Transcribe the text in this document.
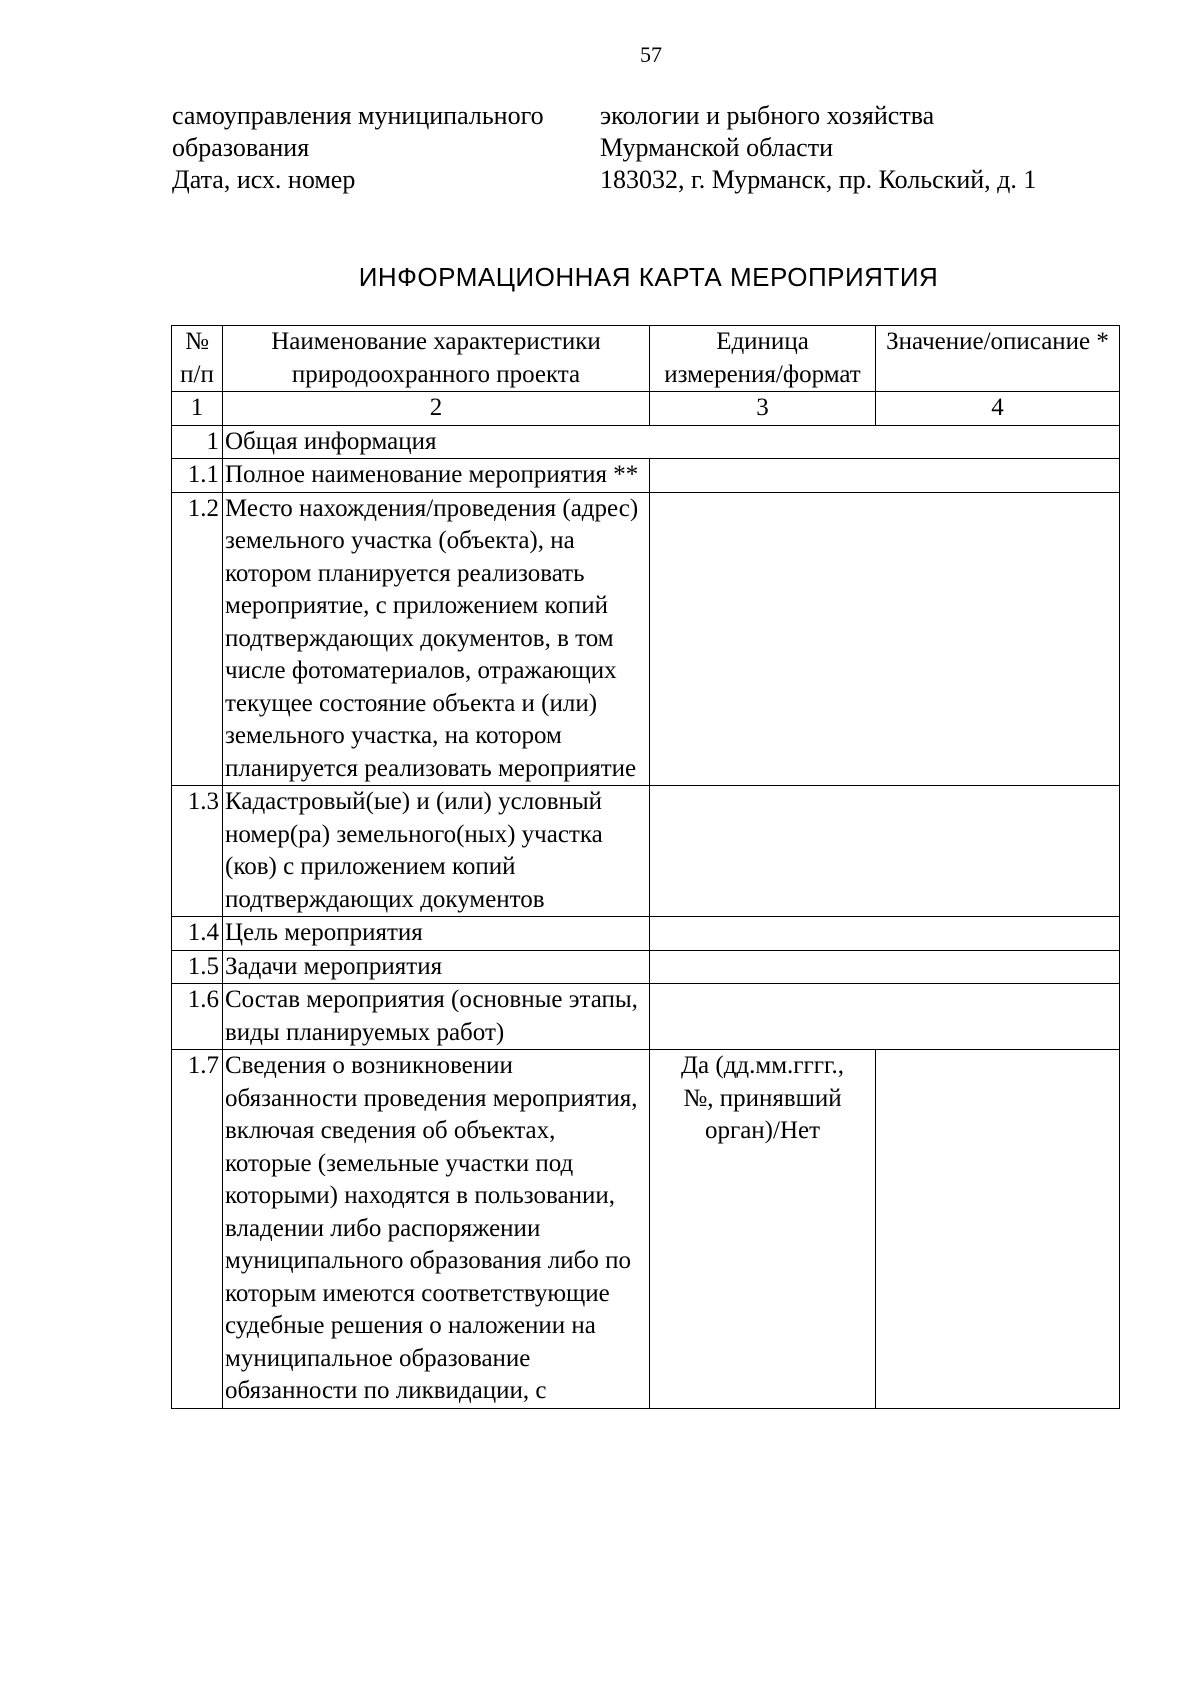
57
самоуправления муниципального
образования
Дата, исх. номер
экологии и рыбного хозяйства
Мурманской области
183032, г. Мурманск, пр. Кольский, д. 1
ИНФОРМАЦИОННАЯ КАРТА МЕРОПРИЯТИЯ
№ п/п	Наименование характеристики природоохранного проекта	Единица измерения/формат	Значение/описание *
1	2	3	4
1	Общая информация		
1.1	Полное наименование мероприятия **		
1.2	Место нахождения/проведения (адрес) земельного участка (объекта), на котором планируется реализовать мероприятие, с приложением копий подтверждающих документов, в том числе фотоматериалов, отражающих текущее состояние объекта и (или) земельного участка, на котором планируется реализовать мероприятие		
1.3	Кадастровый(ые) и (или) условный номер(ра) земельного(ных) участка (ков) с приложением копий подтверждающих документов		
1.4	Цель мероприятия		
1.5	Задачи мероприятия		
1.6	Состав мероприятия (основные этапы, виды планируемых работ)		
1.7	Сведения о возникновении обязанности проведения мероприятия, включая сведения об объектах, которые (земельные участки под которыми) находятся в пользовании, владении либо распоряжении муниципального образования либо по которым имеются соответствующие судебные решения о наложении на муниципальное образование обязанности по ликвидации, с	Да (дд.мм.гггг., №, принявший орган)/Нет	
